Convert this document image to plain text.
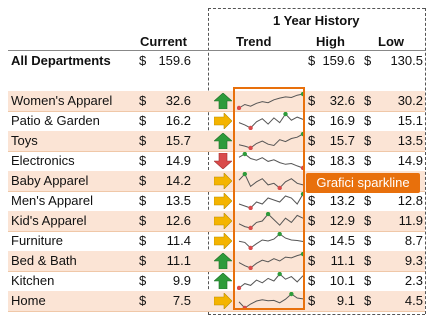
1 Year History
Current	Trend	High	Low
All Departments $ 159.6	$ 159.6 $	130.5
Women's Apparel $	32.6	$	32.6 $	30.2
Patio & Garden	$	16.2	$	16.9 $	15.1
Toys	$	15.7	$	15.7 $	13.5
Electronics	$	14.9	$	18.3 $	14.9
Baby Apparel	$	14.2
Men's Apparel	$	13.5	$	13.2 $	12.8
Kid's Apparel	$	12.6	$	12.9 $	11.9
Furniture	$	11.4	$	14.5 $	8.7
Bed & Bath	$	11.1	$	11.1 $	9.3
Kitchen	$	9.9	$	10.1 $	2.3
Home	$	7.5	$	9.1 $	4.5
Grafici sparkline
